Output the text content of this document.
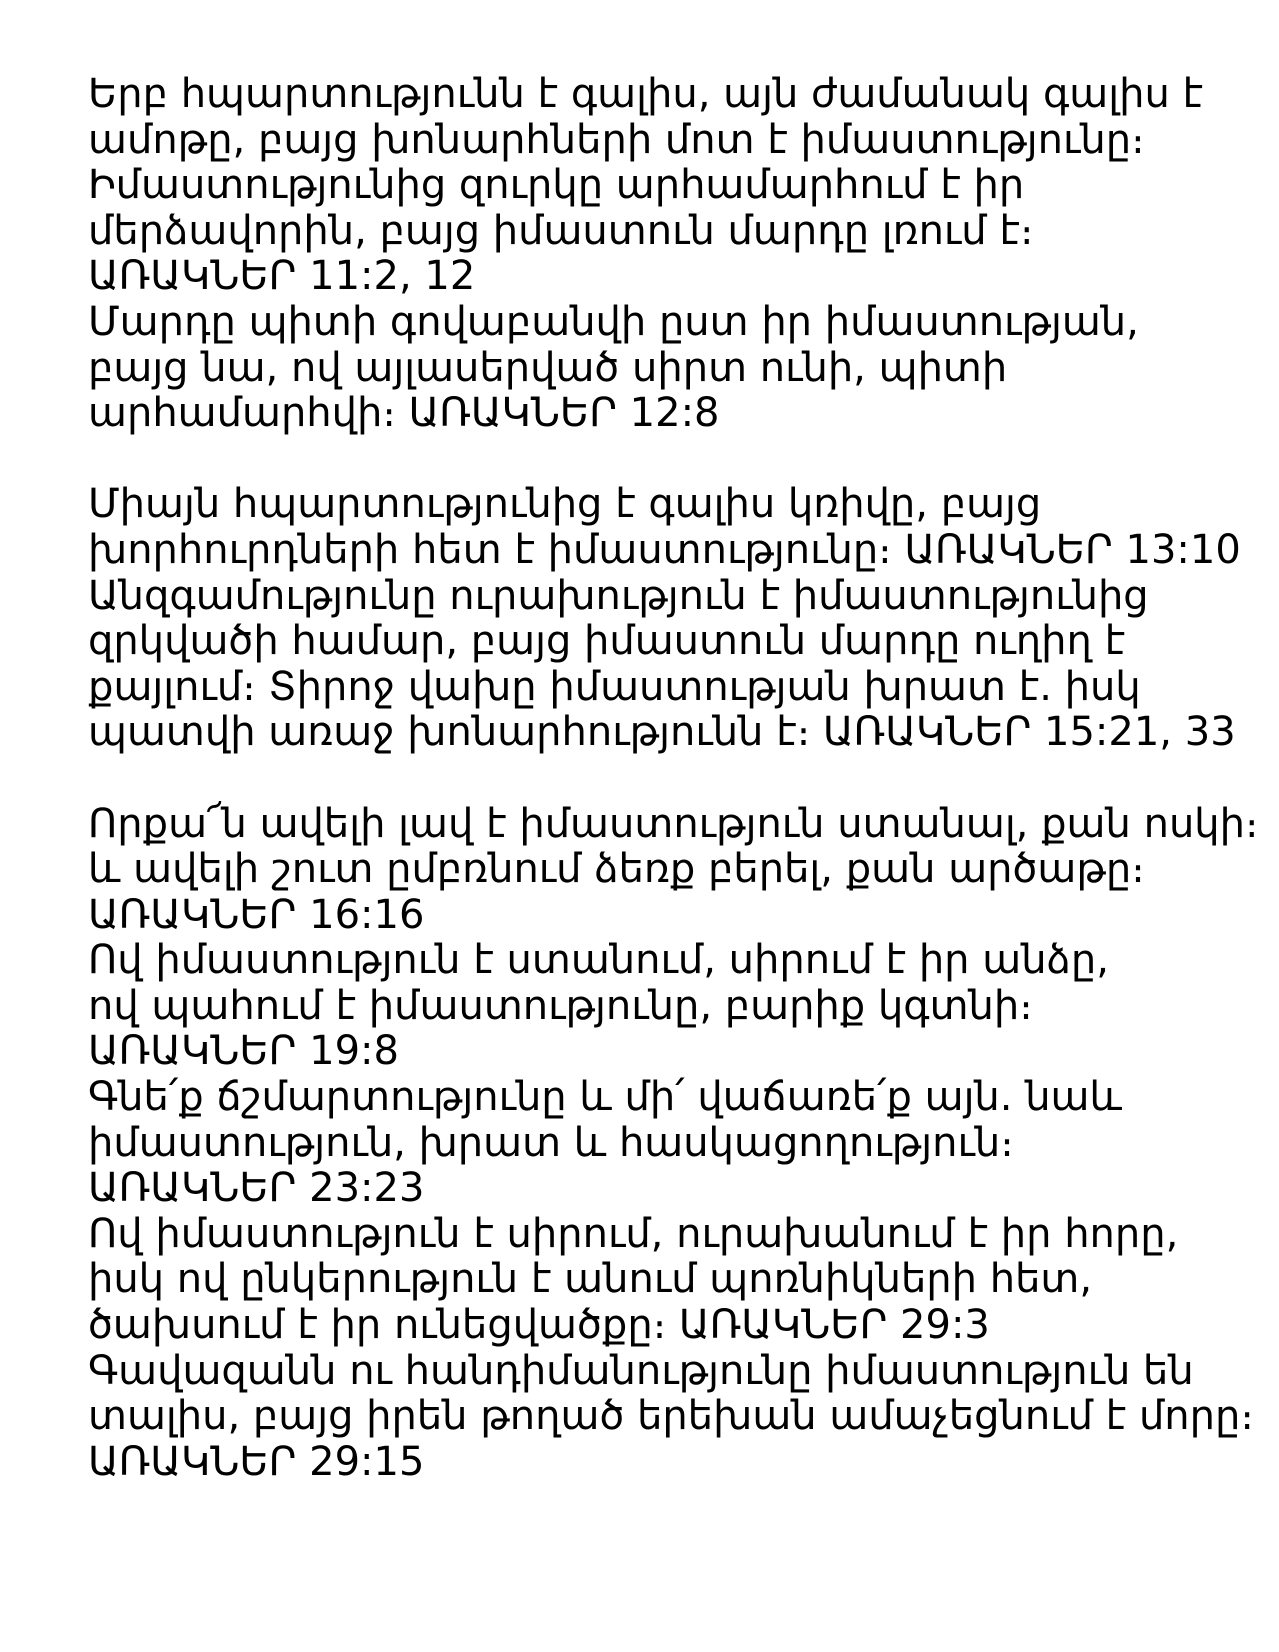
Երբ հպարտությունն է գալիս, այն ժամանակ գալիս է
ամոթը, բայց խոնարհների մոտ է իմաստությունը։
Իմաստությունից զուրկը արհամարհում է իր
մերձավորին, բայց իմաստուն մարդը լռում է։
ԱՌԱԿՆԵՐ 11:2, 12
Մարդը պիտի գովաբանվի ըստ իր իմաստության,
բայց նա, ով այլասերված սիրտ ունի, պիտի
արհամարհվի։ ԱՌԱԿՆԵՐ 12:8
Միայն հպարտությունից է գալիս կռիվը, բայց
խորհուրդների հետ է իմաստությունը։ ԱՌԱԿՆԵՐ 13:10
Անզգամությունը ուրախություն է իմաստությունից
զրկվածի համար, բայց իմաստուն մարդը ուղիղ է
քայլում։ Տիրոջ վախը իմաստության խրատ է. իսկ
պատվի առաջ խոնարհությունն է։ ԱՌԱԿՆԵՐ 15:21, 33
Որքա՜ն ավելի լավ է իմաստություն ստանալ, քան ոսկի։
և ավելի շուտ ըմբռնում ձեռք բերել, քան արծաթը։
ԱՌԱԿՆԵՐ 16:16
Ով իմաստություն է ստանում, սիրում է իր անձը,
ով պահում է իմաստությունը, բարիք կգտնի։
ԱՌԱԿՆԵՐ 19:8
Գնե՛ք ճշմարտությունը և մի՛ վաճառե՛ք այն. նաև
իմաստություն, խրատ և հասկացողություն։
ԱՌԱԿՆԵՐ 23:23
Ով իմաստություն է սիրում, ուրախանում է իր հորը,
իսկ ով ընկերություն է անում պոռնիկների հետ,
ծախսում է իր ունեցվածքը։ ԱՌԱԿՆԵՐ 29:3
Գավազանն ու հանդիմանությունը իմաստություն են
տալիս, բայց իրեն թողած երեխան ամաչեցնում է մորը։
ԱՌԱԿՆԵՐ 29:15
